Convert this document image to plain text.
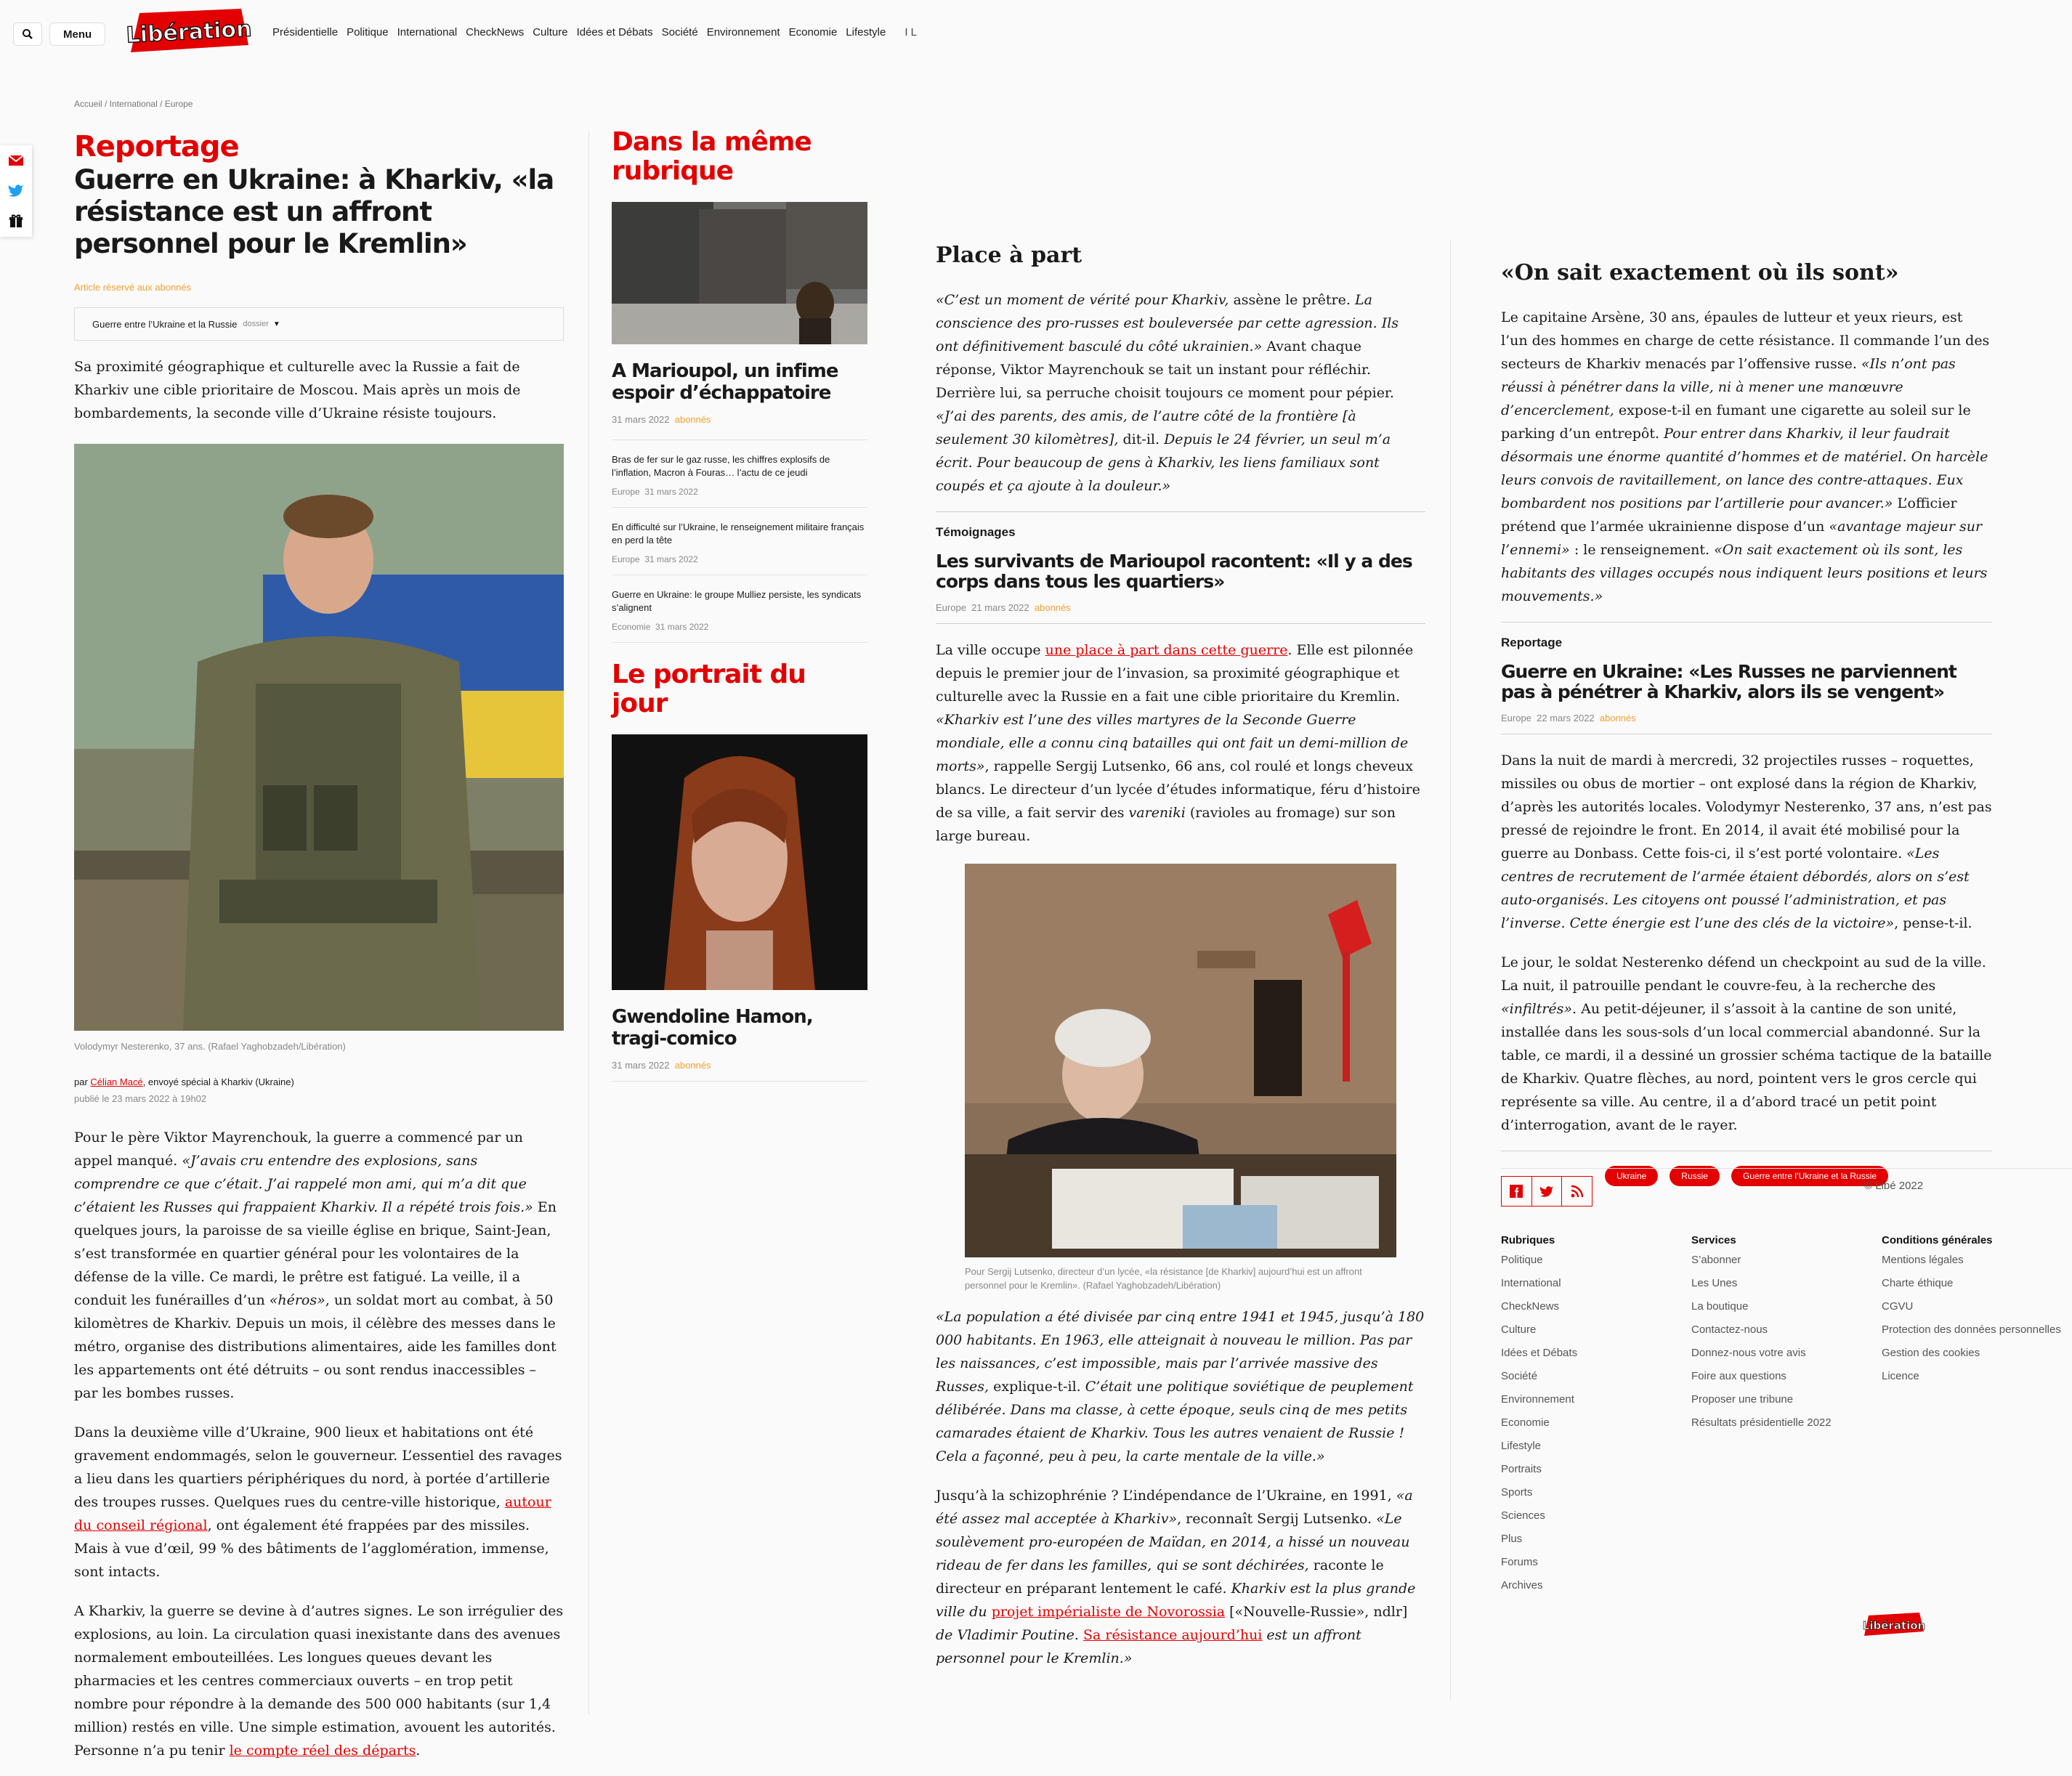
Menu	Libération Présidentielle Politique International CheckNews Culture Idées et Débats Société Environnement Economie Lifestyle I L
Accueil / International / Europe
Reportage
Guerre en Ukraine: à Kharkiv, «la résistance est un affront personnel pour le Kremlin»
Article réservé aux abonnés
Guerre entre l’Ukraine et la Russie dossier ▼
Sa proximité géographique et culturelle avec la Russie a fait de Kharkiv une cible prioritaire de Moscou. Mais après un mois de bombardements, la seconde ville d’Ukraine résiste toujours.
Volodymyr Nesterenko, 37 ans. (Rafael Yaghobzadeh/Libération)
par Célian Macé, envoyé spécial à Kharkiv (Ukraine)
publié le 23 mars 2022 à 19h02

Pour le père Viktor Mayrenchouk, la guerre a commencé par un appel manqué. «J’avais cru entendre des explosions, sans comprendre ce que c’était. J’ai rappelé mon ami, qui m’a dit que c’étaient les Russes qui frappaient Kharkiv. Il a répété trois fois.» En quelques jours, la paroisse de sa vieille église en brique, Saint-Jean, s’est transformée en quartier général pour les volontaires de la défense de la ville. Ce mardi, le prêtre est fatigué. La veille, il a conduit les funérailles d’un «héros», un soldat mort au combat, à 50 kilomètres de Kharkiv. Depuis un mois, il célèbre des messes dans le métro, organise des distributions alimentaires, aide les familles dont les appartements ont été détruits – ou sont rendus inaccessibles – par les bombes russes.

Dans la deuxième ville d’Ukraine, 900 lieux et habitations ont été gravement endommagés, selon le gouverneur. L’essentiel des ravages a lieu dans les quartiers périphériques du nord, à portée d’artillerie des troupes russes. Quelques rues du centre-ville historique, autour du conseil régional, ont également été frappées par des missiles. Mais à vue d’œil, 99 % des bâtiments de l’agglomération, immense, sont intacts.

A Kharkiv, la guerre se devine à d’autres signes. Le son irrégulier des explosions, au loin. La circulation quasi inexistante dans des avenues normalement embouteillées. Les longues queues devant les pharmacies et les centres commerciaux ouverts – en trop petit nombre pour répondre à la demande des 500 000 habitants (sur 1,4 million) restés en ville. Une simple estimation, avouent les autorités. Personne n’a pu tenir le compte réel des départs.

Dans la même rubrique
A Marioupol, un infime espoir d’échappatoire
31 mars 2022 abonnés
Bras de fer sur le gaz russe, les chiffres explosifs de l’inflation, Macron à Fouras… l’actu de ce jeudi
Europe 31 mars 2022
En difficulté sur l’Ukraine, le renseignement militaire français en perd la tête
Europe 31 mars 2022
Guerre en Ukraine: le groupe Mulliez persiste, les syndicats s’alignent
Economie 31 mars 2022
Le portrait du jour
Gwendoline Hamon, tragi-comico
31 mars 2022 abonnés
Place à part

«C’est un moment de vérité pour Kharkiv, assène le prêtre. La conscience des pro-russes est bouleversée par cette agression. Ils ont définitivement basculé du côté ukrainien.» Avant chaque réponse, Viktor Mayrenchouk se tait un instant pour réfléchir. Derrière lui, sa perruche choisit toujours ce moment pour pépier. «J’ai des parents, des amis, de l’autre côté de la frontière [à seulement 30 kilomètres], dit-il. Depuis le 24 février, un seul m’a écrit. Pour beaucoup de gens à Kharkiv, les liens familiaux sont coupés et ça ajoute à la douleur.»

Témoignages
Les survivants de Marioupol racontent: «Il y a des corps dans tous les quartiers»
Europe 21 mars 2022 abonnés

La ville occupe une place à part dans cette guerre. Elle est pilonnée depuis le premier jour de l’invasion, sa proximité géographique et culturelle avec la Russie en a fait une cible prioritaire du Kremlin. «Kharkiv est l’une des villes martyres de la Seconde Guerre mondiale, elle a connu cinq batailles qui ont fait un demi-million de morts», rappelle Sergij Lutsenko, 66 ans, col roulé et longs cheveux blancs. Le directeur d’un lycée d’études informatique, féru d’histoire de sa ville, a fait servir des vareniki (ravioles au fromage) sur son large bureau.

Pour Sergij Lutsenko, directeur d’un lycée, «la résistance [de Kharkiv] aujourd’hui est un affront personnel pour le Kremlin». (Rafael Yaghobzadeh/Libération)

«La population a été divisée par cinq entre 1941 et 1945, jusqu’à 180 000 habitants. En 1963, elle atteignait à nouveau le million. Pas par les naissances, c’est impossible, mais par l’arrivée massive des Russes, explique-t-il. C’était une politique soviétique de peuplement délibérée. Dans ma classe, à cette époque, seuls cinq de mes petits camarades étaient de Kharkiv. Tous les autres venaient de Russie ! Cela a façonné, peu à peu, la carte mentale de la ville.»

Jusqu’à la schizophrénie ? L’indépendance de l’Ukraine, en 1991, «a été assez mal acceptée à Kharkiv», reconnaît Sergij Lutsenko. «Le soulèvement pro-européen de Maïdan, en 2014, a hissé un nouveau rideau de fer dans les familles, qui se sont déchirées, raconte le directeur en préparant lentement le café. Kharkiv est la plus grande ville du projet impérialiste de Novorossia [«Nouvelle-Russie», ndlr] de Vladimir Poutine. Sa résistance aujourd’hui est un affront personnel pour le Kremlin.»

«On sait exactement où ils sont»

Le capitaine Arsène, 30 ans, épaules de lutteur et yeux rieurs, est l’un des hommes en charge de cette résistance. Il commande l’un des secteurs de Kharkiv menacés par l’offensive russe. «Ils n’ont pas réussi à pénétrer dans la ville, ni à mener une manœuvre d’encerclement, expose-t-il en fumant une cigarette au soleil sur le parking d’un entrepôt. Pour entrer dans Kharkiv, il leur faudrait désormais une énorme quantité d’hommes et de matériel. On harcèle leurs convois de ravitaillement, on lance des contre-attaques. Eux bombardent nos positions par l’artillerie pour avancer.» L’officier prétend que l’armée ukrainienne dispose d’un «avantage majeur sur l’ennemi» : le renseignement. «On sait exactement où ils sont, les habitants des villages occupés nous indiquent leurs positions et leurs mouvements.»

Reportage
Guerre en Ukraine: «Les Russes ne parviennent pas à pénétrer à Kharkiv, alors ils se vengent»
Europe 22 mars 2022 abonnés

Dans la nuit de mardi à mercredi, 32 projectiles russes – roquettes, missiles ou obus de mortier – ont explosé dans la région de Kharkiv, d’après les autorités locales. Volodymyr Nesterenko, 37 ans, n’est pas pressé de rejoindre le front. En 2014, il avait été mobilisé pour la guerre au Donbass. Cette fois-ci, il s’est porté volontaire. «Les centres de recrutement de l’armée étaient débordés, alors on s’est auto-organisés. Les citoyens ont poussé l’administration, et pas l’inverse. Cette énergie est l’une des clés de la victoire», pense-t-il.

Le jour, le soldat Nesterenko défend un checkpoint au sud de la ville. La nuit, il patrouille pendant le couvre-feu, à la recherche des «infiltrés». Au petit-déjeuner, il s’assoit à la cantine de son unité, installée dans les sous-sols d’un local commercial abandonné. Sur la table, ce mardi, il a dessiné un grossier schéma tactique de la bataille de Kharkiv. Quatre flèches, au nord, pointent vers le gros cercle qui représente sa ville. Au centre, il a d’abord tracé un petit point d’interrogation, avant de le rayer.

Ukraine	Russie	Guerre entre l’Ukraine et la Russie
© Libé 2022
Rubriques
Politique
International
CheckNews
Culture
Idées et Débats
Société
Environnement
Economie
Lifestyle
Portraits
Sports
Sciences
Plus
Forums
Archives
Services
S’abonner
Les Unes
La boutique
Contactez-nous
Donnez-nous votre avis
Foire aux questions
Proposer une tribune
Résultats présidentielle 2022
Conditions générales
Mentions légales
Charte éthique
CGVU
Protection des données personnelles
Gestion des cookies
Licence
Libération
